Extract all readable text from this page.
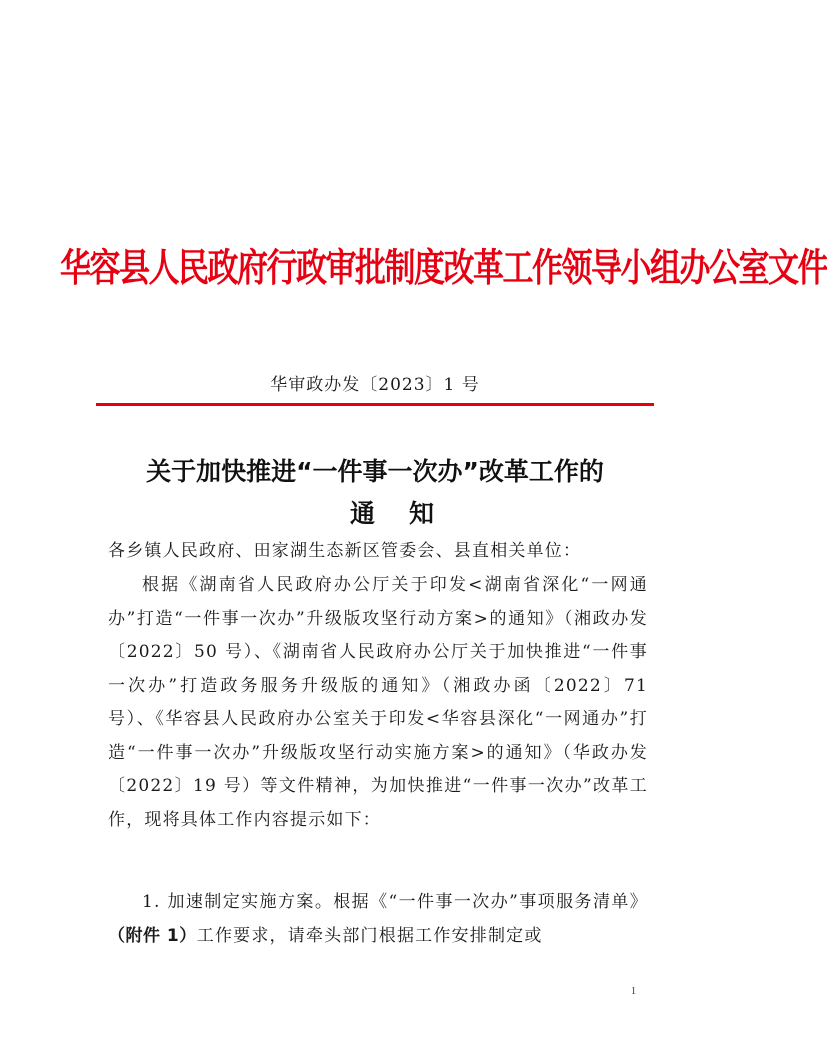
华容县人民政府行政审批制度改革工作领导小组办公室文件
华审政办发〔2023〕1 号
关于加快推进“一件事一次办”改革工作的
通知
各乡镇人民政府、田家湖生态新区管委会、县直相关单位：
根据《湖南省人民政府办公厅关于印发<湖南省深化“一网通办”打造“一件事一次办”升级版攻坚行动方案>的通知》（湘政办发〔2022〕50 号）、《湖南省人民政府办公厅关于加快推进“一件事一次办”打造政务服务升级版的通知》（湘政办函〔2022〕71 号）、《华容县人民政府办公室关于印发<华容县深化“一网通办”打造“一件事一次办”升级版攻坚行动实施方案>的通知》（华政办发〔2022〕19 号）等文件精神，为加快推进“一件事一次办”改革工作，现将具体工作内容提示如下：
1. 加速制定实施方案。根据《“一件事一次办”事项服务清单》（附件 1）工作要求，请牵头部门根据工作安排制定或
1
